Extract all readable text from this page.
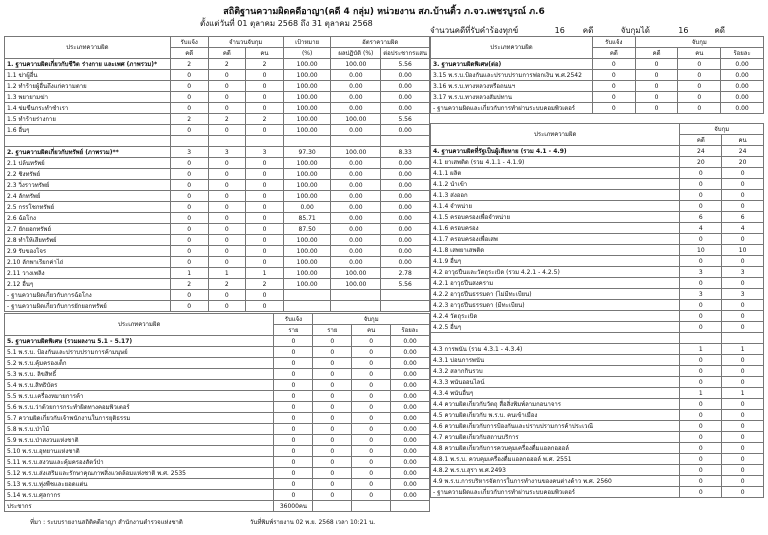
สถิติฐานความผิดคดีอาญา(คดี 4 กลุ่ม) หน่วยงาน สภ.บ้านติ้ว ภ.จว.เพชรบูรณ์ ภ.6
ตั้งแต่วันที่ 01 ตุลาคม 2568 ถึง 31 ตุลาคม 2568
จำนวนคดีที่รับคำร้องทุกข์	16 คดี	จับกุมได้	16	คดี
ประเภทความผิด	รับแจ้ง	จำนวนจับกุม		เป้าหมาย	อัตราความผิด	
	คดี	คดี	คน	(%)	ผลปฏิบัติ (%)	ต่อประชากรแสน
1. ฐานความผิดเกี่ยวกับชีวิต ร่างกาย และเพศ (ภาพรวม)*	2	2	2	100.00	100.00	5.56
1.1 ฆ่าผู้อื่น	0	0	0	100.00	0.00	0.00
1.2 ทำร้ายผู้อื่นถึงแก่ความตาย	0	0	0	100.00	0.00	0.00
1.3 พยายามฆ่า	0	0	0	100.00	0.00	0.00
1.4 ข่มขืนกระทำชำเรา	0	0	0	100.00	0.00	0.00
1.5 ทำร้ายร่างกาย	2	2	2	100.00	100.00	5.56
1.6 อื่นๆ	0	0	0	100.00	0.00	0.00

2. ฐานความผิดเกี่ยวกับทรัพย์ (ภาพรวม)**	3	3	3	97.30	100.00	8.33
2.1 ปล้นทรัพย์	0	0	0	100.00	0.00	0.00
2.2 ชิงทรัพย์	0	0	0	100.00	0.00	0.00
2.3 วิ่งราวทรัพย์	0	0	0	100.00	0.00	0.00
2.4 ลักทรัพย์	0	0	0	100.00	0.00	0.00
2.5 กรรโชกทรัพย์	0	0	0	0.00	0.00	0.00
2.6 ฉ้อโกง	0	0	0	85.71	0.00	0.00
2.7 ยักยอกทรัพย์	0	0	0	87.50	0.00	0.00
2.8 ทำให้เสียทรัพย์	0	0	0	100.00	0.00	0.00
2.9 รับของโจร	0	0	0	100.00	0.00	0.00
2.10 ลักพาเรียกค่าไถ่	0	0	0	100.00	0.00	0.00
2.11 วางเพลิง	1	1	1	100.00	100.00	2.78
2.12 อื่นๆ	2	2	2	100.00	100.00	5.56
- ฐานความผิดเกี่ยวกับการฉ้อโกง	0	0	0			
- ฐานความผิดเกี่ยวกับการยักยอกทรัพย์	0	0	0			
ประเภทความผิด	รับแจ้ง	จับกุม		
	ราย	ราย	คน	ร้อยละ
5. ฐานความผิดพิเศษ (รวมผลงาน 5.1 - 5.17)	0	0	0	0.00
5.1 พ.ร.บ. ป้องกันและปราบปรามการค้ามนุษย์	0	0	0	0.00
5.2 พ.ร.บ.คุ้มครองเด็ก	0	0	0	0.00
5.3 พ.ร.บ. ลิขสิทธิ์	0	0	0	0.00
5.4 พ.ร.บ.สิทธิบัตร	0	0	0	0.00
5.5 พ.ร.บ.เครื่องหมายการค้า	0	0	0	0.00
5.6 พ.ร.บ.ว่าด้วยการกระทำผิดทางคอมพิวเตอร์	0	0	0	0.00
5.7 ความผิดเกี่ยวกับเจ้าพนักงานในการยุติธรรม	0	0	0	0.00
5.8 พ.ร.บ.ป่าไม้	0	0	0	0.00
5.9 พ.ร.บ.ป่าสงวนแห่งชาติ	0	0	0	0.00
5.10 พ.ร.บ.อุทยานแห่งชาติ	0	0	0	0.00
5.11 พ.ร.บ.สงวนและคุ้มครองสัตว์ป่า	0	0	0	0.00
5.12 พ.ร.บ.ส่งเสริมและรักษาคุณภาพสิ่งแวดล้อมแห่งชาติ พ.ศ. 2535	0	0	0	0.00
5.13 พ.ร.บ.ทุ่งพืชและยอดแต่น	0	0	0	0.00
5.14 พ.ร.บ.ศุลกากร	0	0	0	0.00
ประชากร	36000คน			
ประเภทความผิด	รับแจ้ง	จับกุม		
	คดี	คดี	คน	ร้อยละ
3. ฐานความผิดพิเศษ(ต่อ)	0	0	0	0.00
3.15 พ.ร.บ.ป้องกันและปราบปรามการฟอกเงิน พ.ศ.2542	0	0	0	0.00
3.16 พ.ร.บ.ทางหลวงหรือถนนฯ	0	0	0	0.00
3.17 พ.ร.บ.ทางหลวงสัมปทาน	0	0	0	0.00
- ฐานความผิดและเกี่ยวกับการทำผ่านระบบคอมพิวเตอร์	0	0	0	0.00
ประเภทความผิด	จับกุม	
	คดี	คน
4. ฐานความผิดที่รัฐเป็นผู้เสียหาย (รวม 4.1 - 4.9)	24	24
4.1 ยาเสพติด (รวม 4.1.1 - 4.1.9)	20	20
4.1.1 ผลิต	0	0
4.1.2 นำเข้า	0	0
4.1.3 ส่งออก	0	0
4.1.4 จำหน่าย	0	0
4.1.5 ครอบครองเพื่อจำหน่าย	6	6
4.1.6 ครอบครอง	4	4
4.1.7 ครอบครองเพื่อเสพ	0	0
4.1.8 เสพยาเสพติด	10	10
4.1.9 อื่นๆ	0	0
4.2 อาวุธปืนและวัตถุระเบิด (รวม 4.2.1 - 4.2.5)	3	3
4.2.1 อาวุธปืนสงคราม	0	0
4.2.2 อาวุธปืนธรรมดา (ไม่มีทะเบียน)	3	3
4.2.3 อาวุธปืนธรรมดา (มีทะเบียน)	0	0
4.2.4 วัตถุระเบิด	0	0
4.2.5 อื่นๆ	0	0

4.3 การพนัน (รวม 4.3.1 - 4.3.4)	1	1
4.3.1 บ่อนการพนัน	0	0
4.3.2 สลากกินรวบ	0	0
4.3.3 พนันออนไลน์	0	0
4.3.4 พนันอื่นๆ	1	1
4.4 ความผิดเกี่ยวกับวัตถุ สื่อสิ่งพิมพ์ลามกอนาจาร	0	0
4.5 ความผิดเกี่ยวกับ พ.ร.บ. คนเข้าเมือง	0	0
4.6 ความผิดเกี่ยวกับการป้องกันและปราบปรามการค้าประเวณี	0	0
4.7 ความผิดเกี่ยวกับสถานบริการ	0	0
4.8 ความผิดเกี่ยวกับการควบคุมเครื่องดื่มแอลกอฮอล์	0	0
4.8.1 พ.ร.บ. ควบคุมเครื่องดื่มแอลกอฮอล์ พ.ศ. 2551	0	0
4.8.2 พ.ร.บ.สุรา พ.ศ.2493	0	0
4.9 พ.ร.บ.การบริหารจัดการในการทำงานของคนต่างด้าว พ.ศ. 2560	0	0
- ฐานความผิดและเกี่ยวกับการทำผ่านระบบคอมพิวเตอร์	0	0
ที่มา : ระบบรายงานสถิติคดีอาญา สำนักงานตำรวจแห่งชาติ	วันที่พิมพ์รายงาน 02 พ.ย. 2568 เวลา 10:21 น.
